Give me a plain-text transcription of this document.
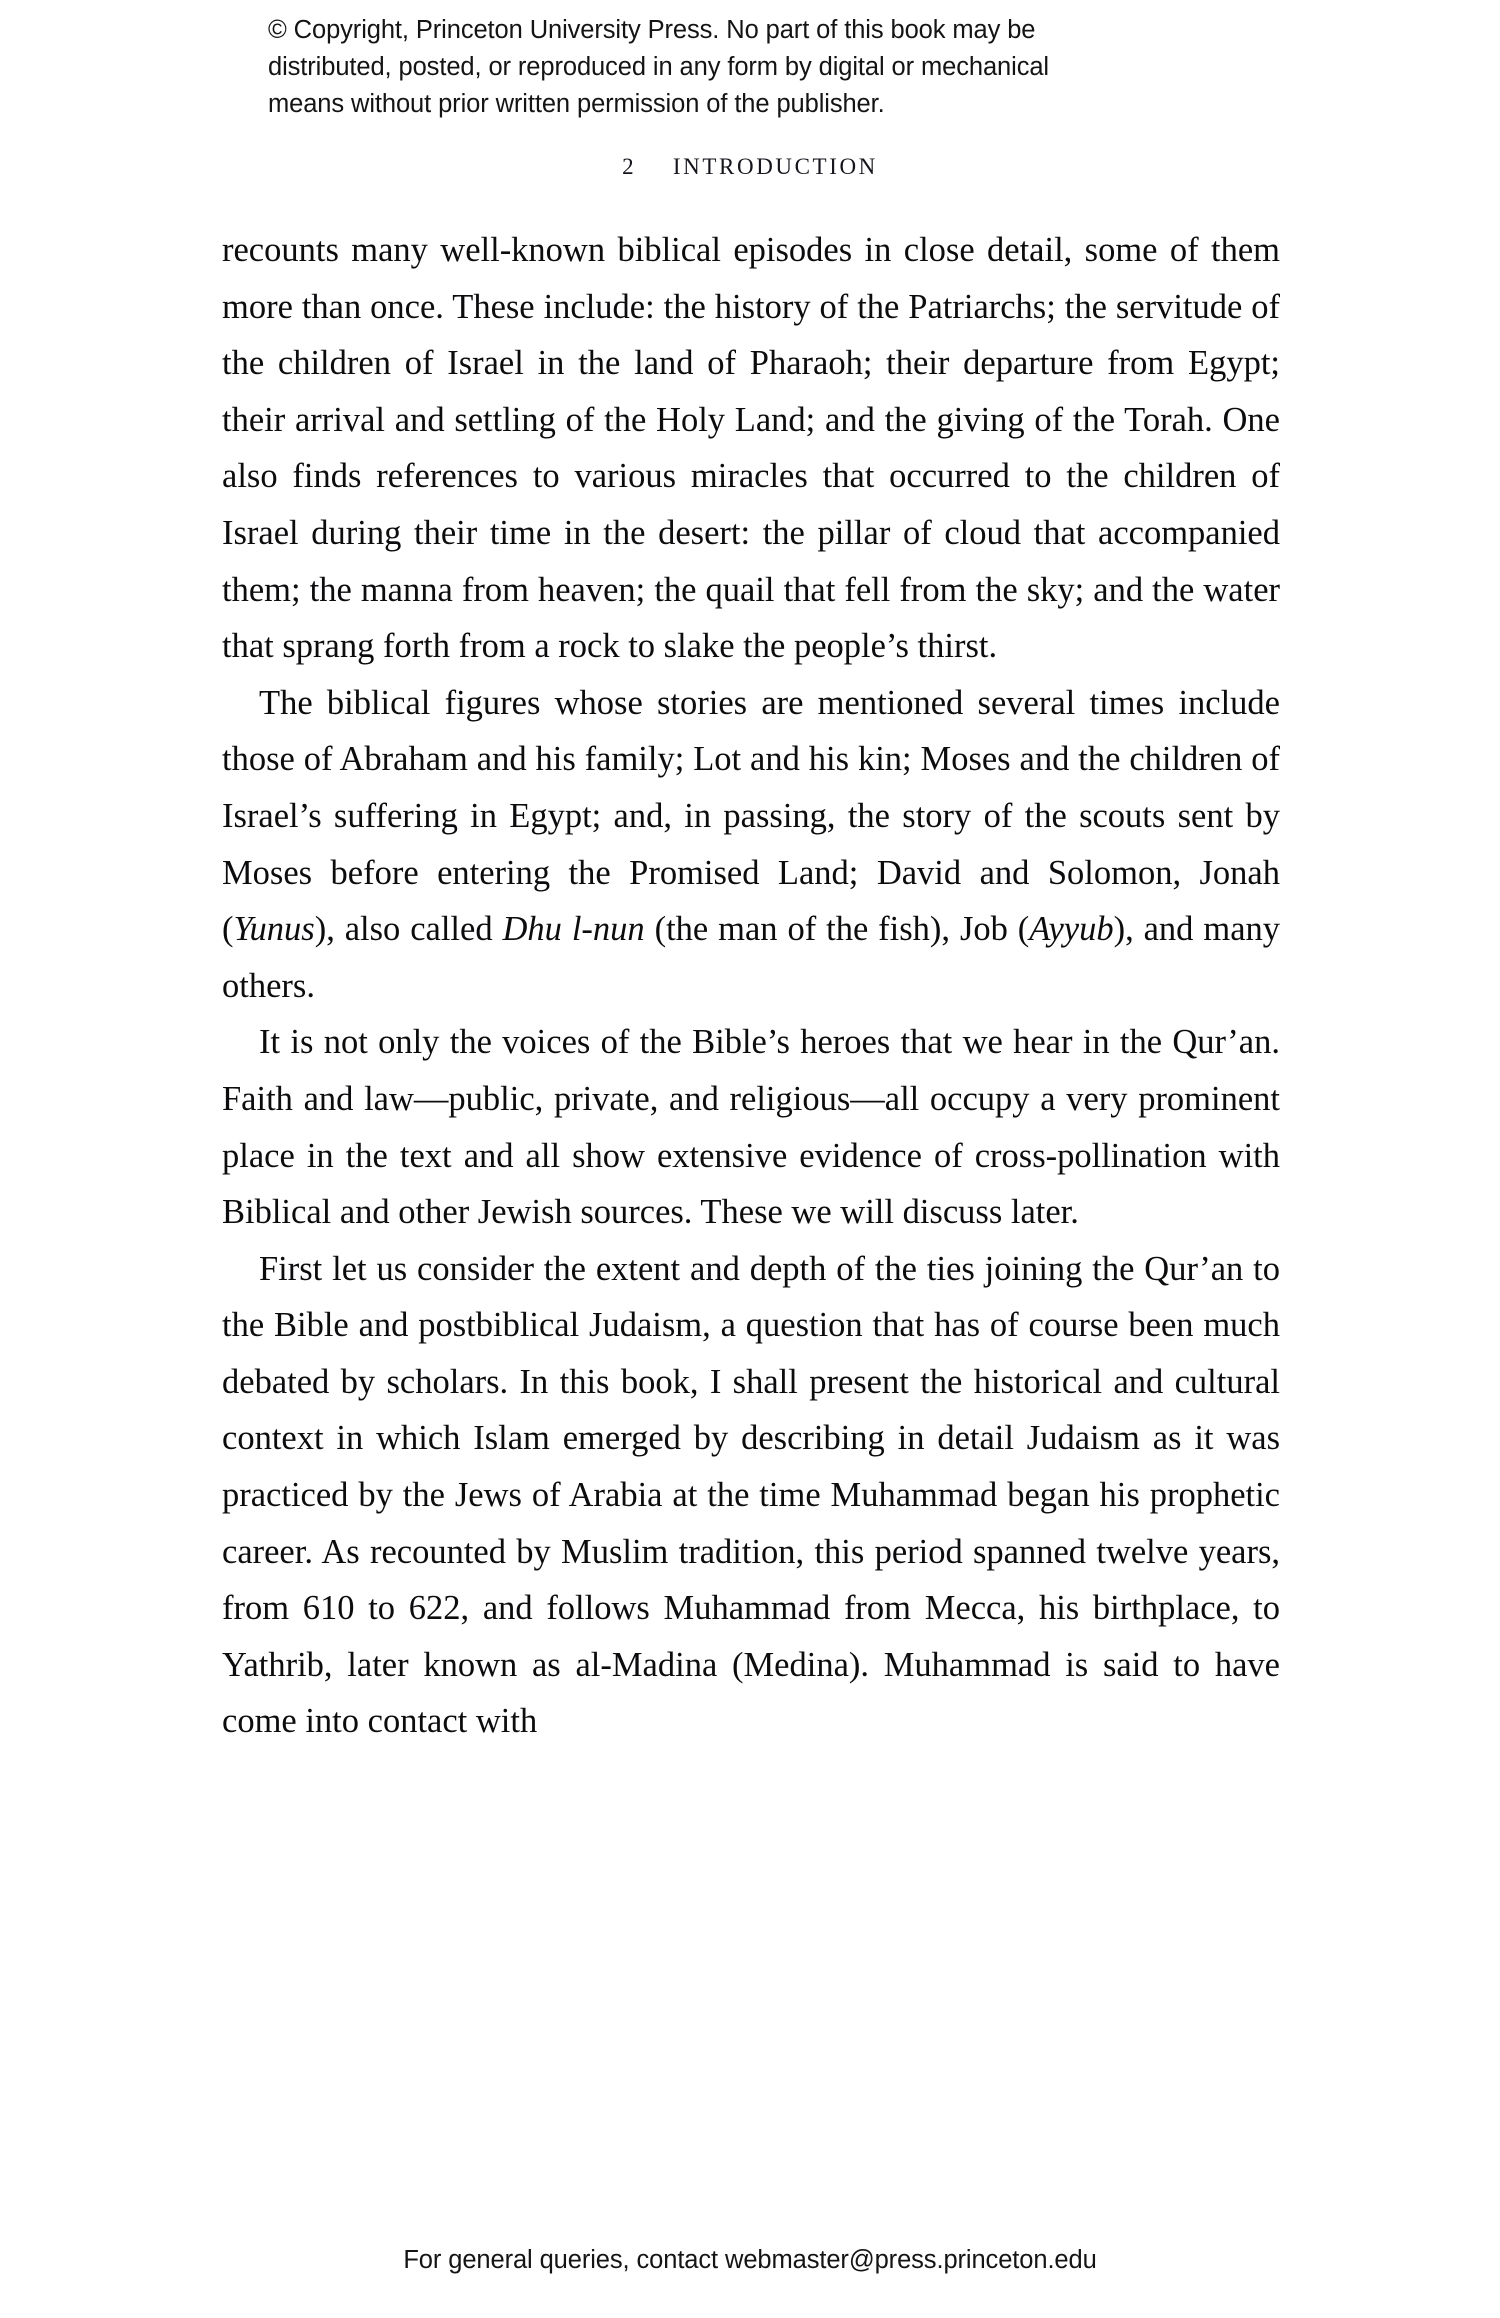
© Copyright, Princeton University Press. No part of this book may be
distributed, posted, or reproduced in any form by digital or mechanical
means without prior written permission of the publisher.
2 INTRODUCTION

recounts many well-known biblical episodes in close detail, some of them more than once. These include: the history of the Patriarchs; the servitude of the children of Israel in the land of Pharaoh; their departure from Egypt; their arrival and settling of the Holy Land; and the giving of the Torah. One also finds references to various miracles that occurred to the children of Israel during their time in the desert: the pillar of cloud that accompanied them; the manna from heaven; the quail that fell from the sky; and the water that sprang forth from a rock to slake the people’s thirst.

The biblical figures whose stories are mentioned several times include those of Abraham and his family; Lot and his kin; Moses and the children of Israel’s suffering in Egypt; and, in passing, the story of the scouts sent by Moses before entering the Promised Land; David and Solomon, Jonah (Yunus), also called Dhu l-nun (the man of the fish), Job (Ayyub), and many others.

It is not only the voices of the Bible’s heroes that we hear in the Qur’an. Faith and law—public, private, and religious—all occupy a very prominent place in the text and all show extensive evidence of cross-pollination with Biblical and other Jewish sources. These we will discuss later.

First let us consider the extent and depth of the ties joining the Qur’an to the Bible and postbiblical Judaism, a question that has of course been much debated by scholars. In this book, I shall present the historical and cultural context in which Islam emerged by describing in detail Judaism as it was practiced by the Jews of Arabia at the time Muhammad began his prophetic career. As recounted by Muslim tradition, this period spanned twelve years, from 610 to 622, and follows Muhammad from Mecca, his birthplace, to Yathrib, later known as al-Madina (Medina). Muhammad is said to have come into contact with

For general queries, contact webmaster@press.princeton.edu
